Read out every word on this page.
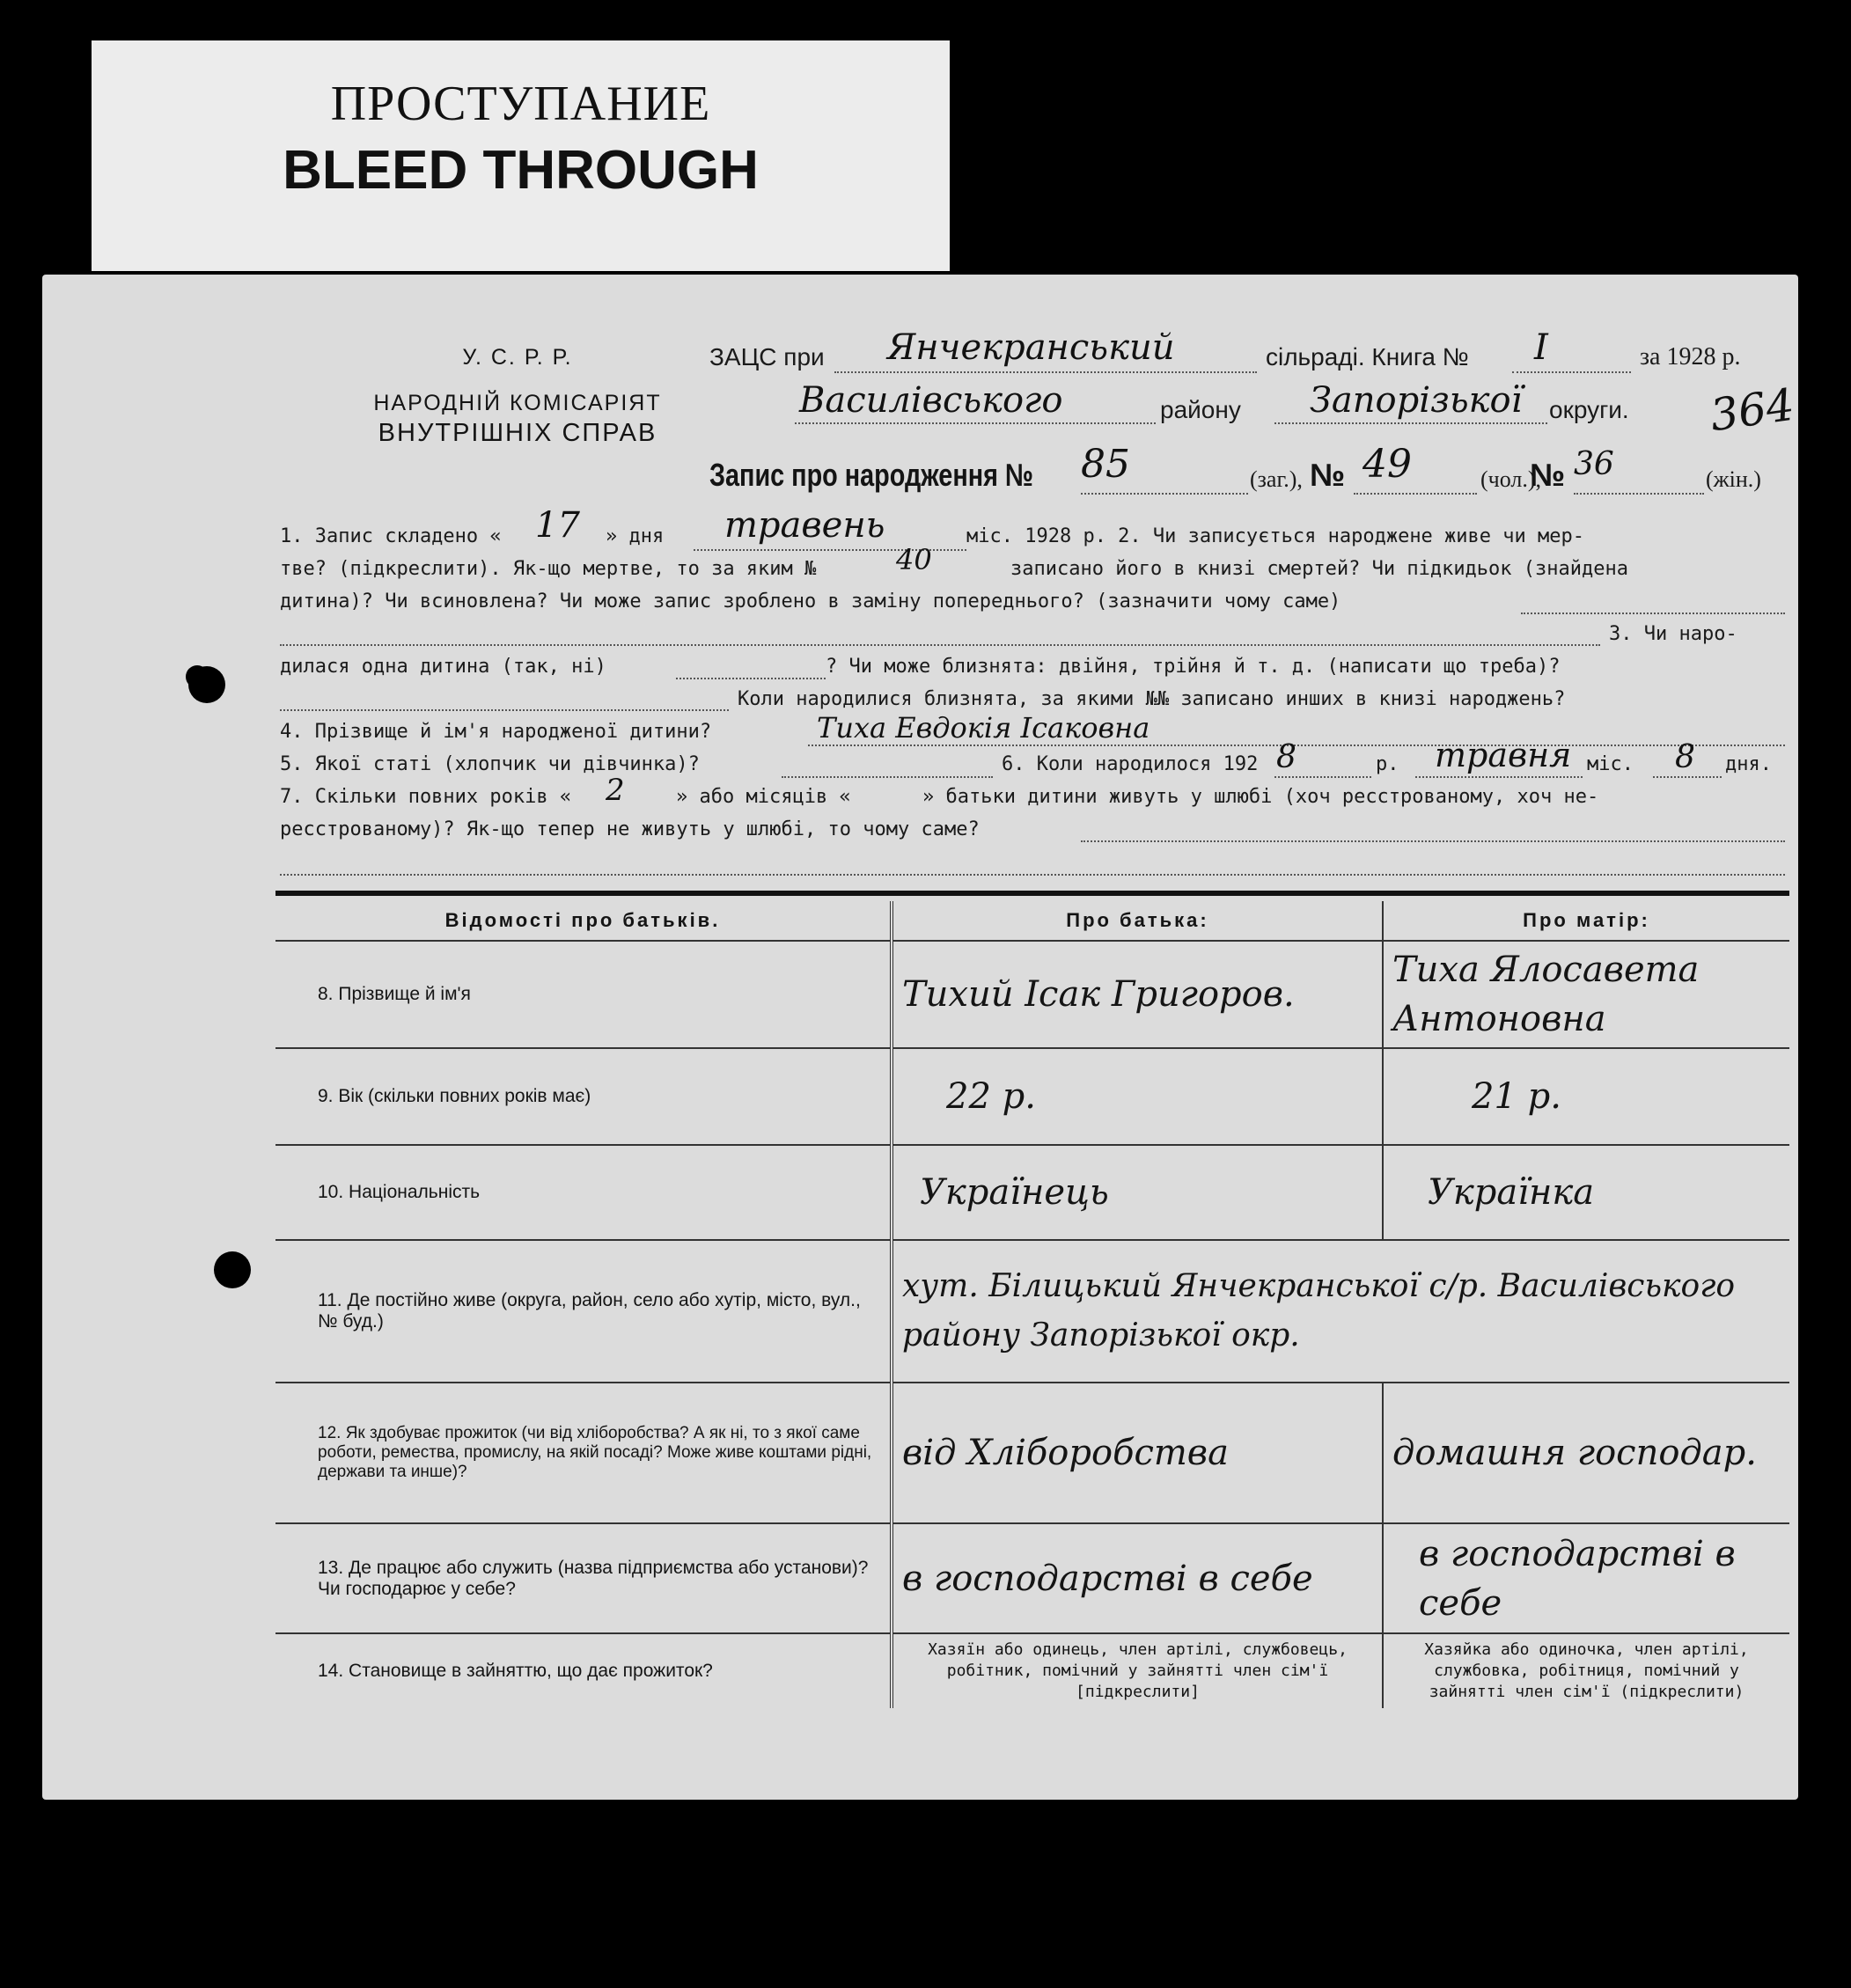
ПРОСТУПАНИЕ
BLEED THROUGH
У. С. Р. Р.
НАРОДНІЙ КОМІСАРІЯТ
ВНУТРІШНІХ СПРАВ
ЗАЦС при Янчекранський	сільраді. Книга № I	за 1928 р.
Василівського	району Запорізької округи. 364
Запис про народження № 85	(заг.), № 49	(чол.),
№ 36	(жін.)
1. Запис складено « 17 » дня травень	міс. 1928 р. 2. Чи записується народжене живе чи мер-
тве? (підкреслити). Як-що мертве, то за яким №	40	записано його в книзі смертей? Чи підкидьок (знайдена
дитина)? Чи всиновлена? Чи може запис зроблено в заміну попереднього? (зазначити чому саме)
3. Чи наро-
дилася одна дитина (так, ні)	? Чи може близнята: двійня, трійня й т. д. (написати що треба)?
Коли народилися близнята, за якими №№ записано инших в книзі народжень?
4. Прізвище й ім'я народженої дитини?	Тиха Евдокія Ісаковна
5. Якої статі (хлопчик чи дівчинка)?	6. Коли народилося 192 8	р. травня міс. 8 дня.
7. Скільки повних років « 2	» або місяців «	» батьки дитини живуть у шлюбі (хоч ресстрованому, хоч не-
ресстрованому)? Як-що тепер не живуть у шлюбі, то чому саме?
Відомості про батьків.	Про батька:	Про матір:
8. Прізвище й ім'я	Тихий Ісак Григоров.	Тиха Ялосавета Антоновна
9. Вік (скільки повних років має)	22 р.	21 р.
10. Національність	Українець	Українка
11. Де постійно живе (округа, район, село або хутір, місто, вул., № буд.)	хут. Білицький Янчекранської с/р. Василівського району Запорізької окр.	
12. Як здобуває прожиток (чи від хліборобства? А як ні, то з якої саме роботи, ремества, промислу, на якій посаді? Може живе коштами рідні, держави та инше)?	від Хліборобства	домашня господар.
13. Де працює або служить (назва підприємства або установи)? Чи господарює у себе?	в господарстві в себе	в господарстві в себе
14. Становище в зайняттю, що дає прожиток?	Хазяїн або одинець, член артілі, службовець, робітник, помічний у зайнятті член сім'ї [підкреслити]	Хазяйка або одиночка, член артілі, службовка, робітниця, помічний у зайнятті член сім'ї (підкреслити)
